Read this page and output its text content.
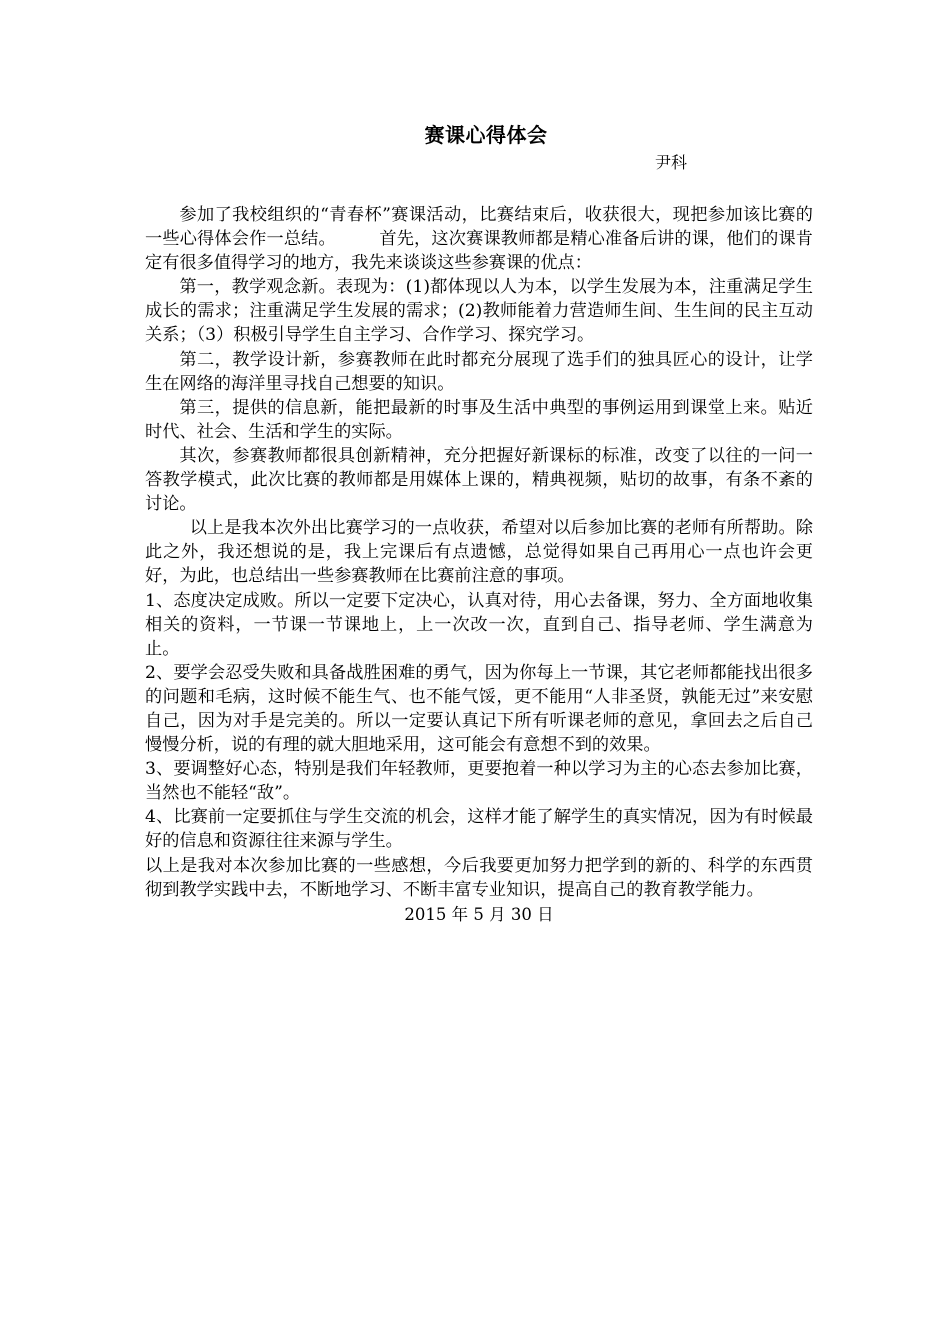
赛课心得体会
尹科

参加了我校组织的“青春杯”赛课活动，比赛结束后，收获很大，现把参加该比赛的一些心得体会作一总结。　　　首先，这次赛课教师都是精心准备后讲的课，他们的课肯定有很多值得学习的地方，我先来谈谈这些参赛课的优点：

第一，教学观念新。表现为：(1)都体现以人为本，以学生发展为本，注重满足学生成长的需求；注重满足学生发展的需求；(2)教师能着力营造师生间、生生间的民主互动关系；（3）积极引导学生自主学习、合作学习、探究学习。

第二，教学设计新，参赛教师在此时都充分展现了选手们的独具匠心的设计，让学生在网络的海洋里寻找自己想要的知识。

第三，提供的信息新，能把最新的时事及生活中典型的事例运用到课堂上来。贴近时代、社会、生活和学生的实际。

其次，参赛教师都很具创新精神，充分把握好新课标的标准，改变了以往的一问一答教学模式，此次比赛的教师都是用媒体上课的，精典视频，贴切的故事，有条不紊的讨论。

以上是我本次外出比赛学习的一点收获，希望对以后参加比赛的老师有所帮助。除此之外，我还想说的是，我上完课后有点遗憾，总觉得如果自己再用心一点也许会更好，为此，也总结出一些参赛教师在比赛前注意的事项。

1、态度决定成败。所以一定要下定决心，认真对待，用心去备课，努力、全方面地收集相关的资料，一节课一节课地上，上一次改一次，直到自己、指导老师、学生满意为止。

2、要学会忍受失败和具备战胜困难的勇气，因为你每上一节课，其它老师都能找出很多的问题和毛病，这时候不能生气、也不能气馁，更不能用“人非圣贤，孰能无过”来安慰自己，因为对手是完美的。所以一定要认真记下所有听课老师的意见，拿回去之后自己慢慢分析，说的有理的就大胆地采用，这可能会有意想不到的效果。

3、要调整好心态，特别是我们年轻教师，更要抱着一种以学习为主的心态去参加比赛，当然也不能轻“敌”。

4、比赛前一定要抓住与学生交流的机会，这样才能了解学生的真实情况，因为有时候最好的信息和资源往往来源与学生。

以上是我对本次参加比赛的一些感想，今后我要更加努力把学到的新的、科学的东西贯彻到教学实践中去，不断地学习、不断丰富专业知识，提高自己的教育教学能力。

2015 年 5 月 30 日
